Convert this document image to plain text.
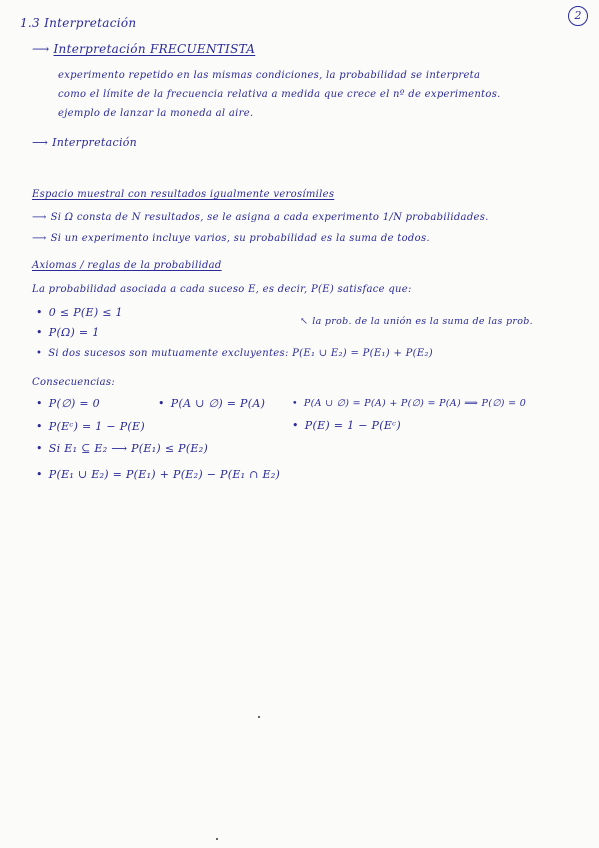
2
1.3 Interpretación
⟶ Interpretación FRECUENTISTA
experimento repetido en las mismas condiciones, la probabilidad se interpreta
como el límite de la frecuencia relativa a medida que crece el nº de experimentos.
ejemplo de lanzar la moneda al aire.
⟶ Interpretación
Espacio muestral con resultados igualmente verosímiles
⟶ Si Ω consta de N resultados, se le asigna a cada experimento 1/N probabilidades.
⟶ Si un experimento incluye varios, su probabilidad es la suma de todos.
Axiomas / reglas de la probabilidad
La probabilidad asociada a cada suceso E, es decir, P(E) satisface que:
• 0 ≤ P(E) ≤ 1
• P(Ω) = 1
↖ la prob. de la unión es la suma de las prob.
• Si dos sucesos son mutuamente excluyentes: P(E₁ ∪ E₂) = P(E₁) + P(E₂)
Consecuencias:
• P(∅) = 0	• P(A ∪ ∅) = P(A)	• P(A ∪ ∅) = P(A) + P(∅) = P(A) ⟹ P(∅) = 0
• P(Eᶜ) = 1 − P(E)	• P(E) = 1 − P(Eᶜ)
• Si E₁ ⊆ E₂ ⟶ P(E₁) ≤ P(E₂)
• P(E₁ ∪ E₂) = P(E₁) + P(E₂) − P(E₁ ∩ E₂)
